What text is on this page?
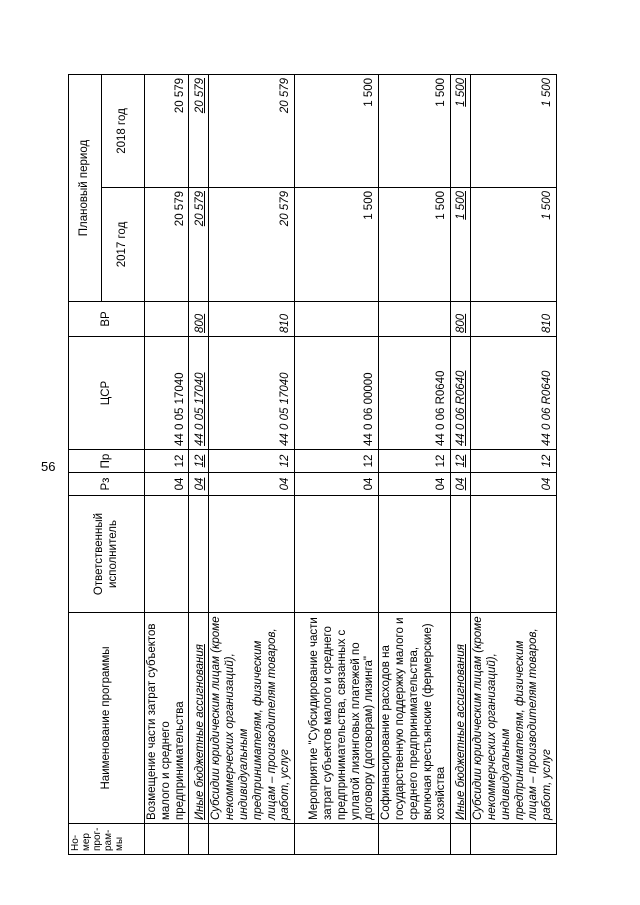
56
Но-мер прог-рам-мы	Наименование программы	Ответственный исполнитель	Рз	Пр	ЦСР	ВР	Плановый период	
							2017 год	2018 год
	Возмещение части затрат субъектов малого и среднего предпринимательства		04	12	44 0 05 17040		20 579	20 579
	Иные бюджетные ассигнования		04	12	44 0 05 17040	800	20 579	20 579
	Субсидии юридическим лицам (кроме некоммерческих организаций), индивидуальным предпринимателям, физическим лицам – производителям товаров, работ, услуг		04	12	44 0 05 17040	810	20 579	20 579
	Мероприятие "Субсидирование части затрат субъектов малого и среднего предпринимательства, связанных с уплатой лизинговых платежей по договору (договорам) лизинга"		04	12	44 0 06 00000		1 500	1 500
	Софинансирование расходов на государственную поддержку малого и среднего предпринимательства, включая крестьянские (фермерские) хозяйства		04	12	44 0 06 R0640		1 500	1 500
	Иные бюджетные ассигнования		04	12	44 0 06 R0640	800	1 500	1 500
	Субсидии юридическим лицам (кроме некоммерческих организаций), индивидуальным предпринимателям, физическим лицам – производителям товаров, работ, услуг		04	12	44 0 06 R0640	810	1 500	1 500
